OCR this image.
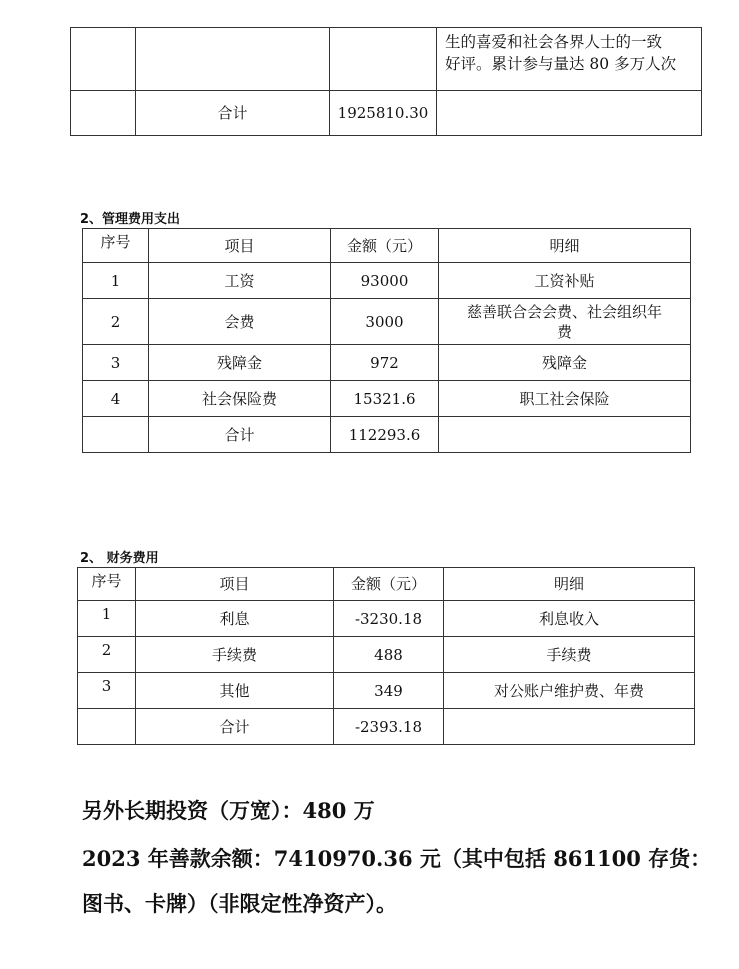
			生的喜爱和社会各界人士的一致
好评。累计参与量达 80 多万人次

	合计	1925810.30	
2、管理费用支出
序号	项目	金额（元）	明细
1	工资	93000	工资补贴
2	会费	3000	慈善联合会会费、社会组织年
费

3	残障金	972	残障金
4	社会保险费	15321.6	职工社会保险
	合计	112293.6	
2、 财务费用
序号	项目	金额（元）	明细
1	利息	-3230.18	利息收入
2	手续费	488	手续费
3	其他	349	对公账户维护费、年费
	合计	-2393.18	
另外长期投资（万宽）：480 万
2023 年善款余额：7410970.36 元（其中包括 861100 存货：
图书、卡牌）（非限定性净资产）。
